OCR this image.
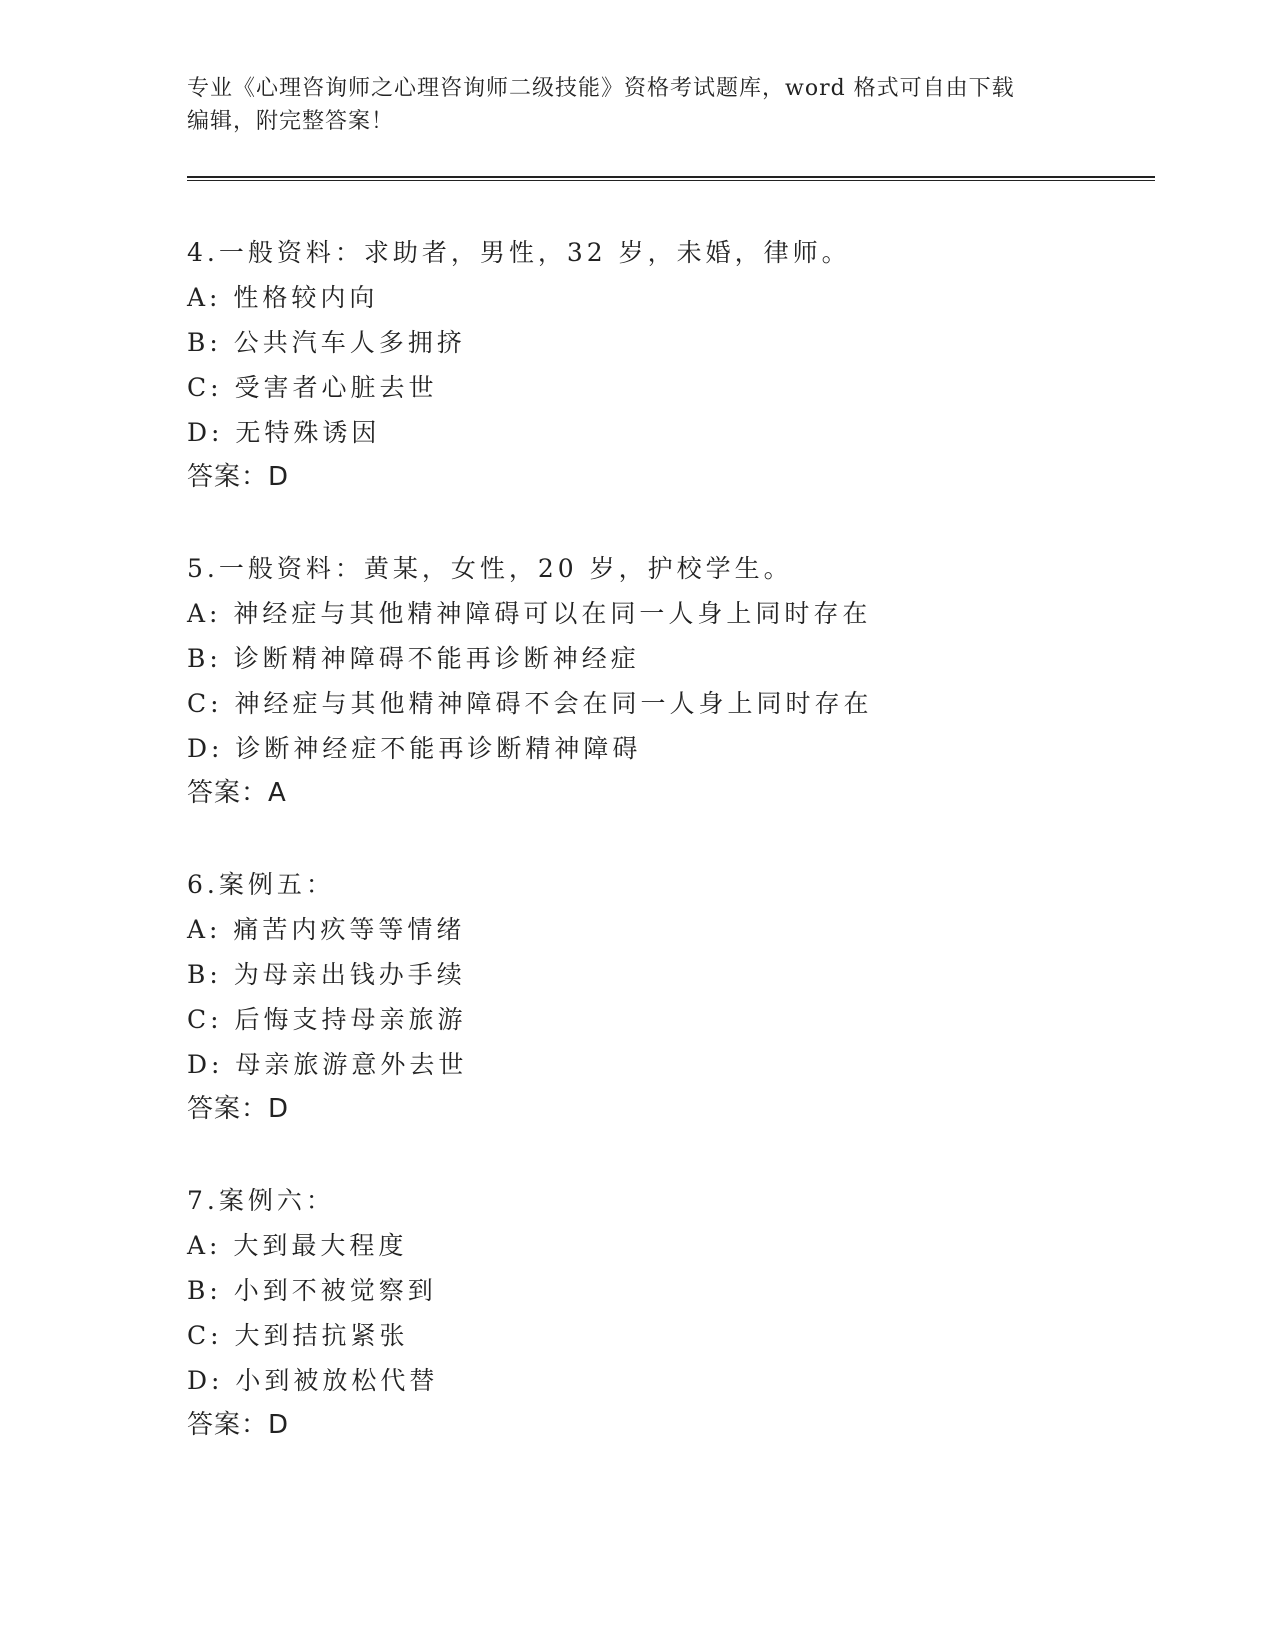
专业《心理咨询师之心理咨询师二级技能》资格考试题库，word 格式可自由下载
编辑，附完整答案！
4.一般资料：求助者，男性，32 岁，未婚，律师。
A: 性格较内向
B: 公共汽车人多拥挤
C: 受害者心脏去世
D: 无特殊诱因
答案：D
5.一般资料：黄某，女性，20 岁，护校学生。
A: 神经症与其他精神障碍可以在同一人身上同时存在
B: 诊断精神障碍不能再诊断神经症
C: 神经症与其他精神障碍不会在同一人身上同时存在
D: 诊断神经症不能再诊断精神障碍
答案：A
6.案例五：
A: 痛苦内疚等等情绪
B: 为母亲出钱办手续
C: 后悔支持母亲旅游
D: 母亲旅游意外去世
答案：D
7.案例六：
A: 大到最大程度
B: 小到不被觉察到
C: 大到拮抗紧张
D: 小到被放松代替
答案：D
